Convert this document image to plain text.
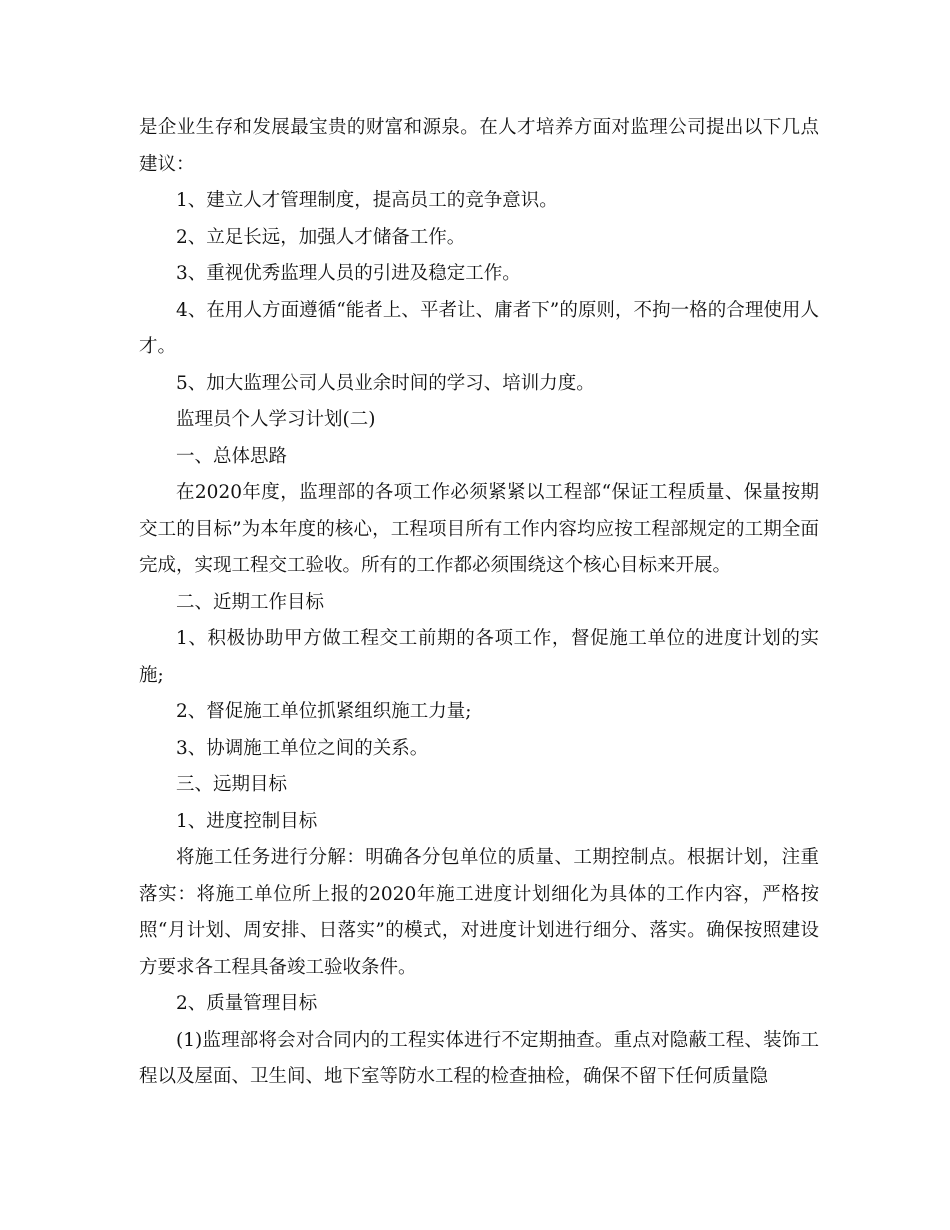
是企业生存和发展最宝贵的财富和源泉。在人才培养方面对监理公司提出以下几点建议：

1、建立人才管理制度，提高员工的竞争意识。

2、立足长远，加强人才储备工作。

3、重视优秀监理人员的引进及稳定工作。

4、在用人方面遵循“能者上、平者让、庸者下”的原则，不拘一格的合理使用人才。

5、加大监理公司人员业余时间的学习、培训力度。

监理员个人学习计划(二)

一、总体思路

在2020年度，监理部的各项工作必须紧紧以工程部“保证工程质量、保量按期交工的目标”为本年度的核心，工程项目所有工作内容均应按工程部规定的工期全面完成，实现工程交工验收。所有的工作都必须围绕这个核心目标来开展。

二、近期工作目标

1、积极协助甲方做工程交工前期的各项工作，督促施工单位的进度计划的实施;

2、督促施工单位抓紧组织施工力量;

3、协调施工单位之间的关系。

三、远期目标

1、进度控制目标

将施工任务进行分解：明确各分包单位的质量、工期控制点。根据计划，注重落实：将施工单位所上报的2020年施工进度计划细化为具体的工作内容，严格按照“月计划、周安排、日落实”的模式，对进度计划进行细分、落实。确保按照建设方要求各工程具备竣工验收条件。

2、质量管理目标

(1)监理部将会对合同内的工程实体进行不定期抽查。重点对隐蔽工程、装饰工程以及屋面、卫生间、地下室等防水工程的检查抽检，确保不留下任何质量隐
